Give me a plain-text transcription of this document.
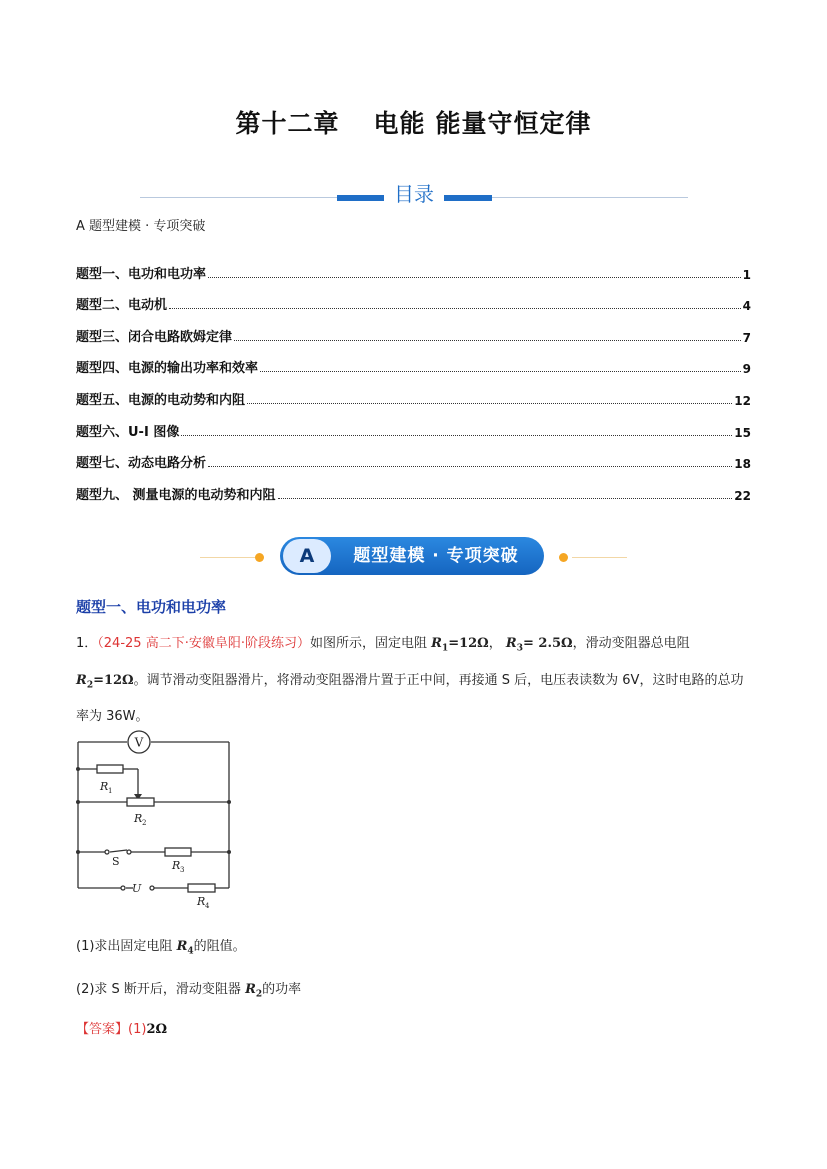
第十二章 电能 能量守恒定律
目录
A 题型建模 · 专项突破
题型一、电功和电功率	1
题型二、电动机	4
题型三、闭合电路欧姆定律	7
题型四、电源的输出功率和效率	9
题型五、电源的电动势和内阻	12
题型六、U-I 图像	15
题型七、动态电路分析	18
题型九、 测量电源的电动势和内阻	22
A	题型建模 · 专项突破
题型一、电功和电功率
1．（24-25 高二下·安徽阜阳·阶段练习）如图所示，固定电阻 $R_1=12\Omega$， $R_3= 2.5\Omega$，滑动变阻器总电阻
$R_2=12\Omega$。调节滑动变阻器滑片，将滑动变阻器滑片置于正中间，再接通 S 后，电压表读数为 6V，这时电路的总功率为 36W。
V
R 1
R 2
S	R 3
U
R 4
(1)求出固定电阻 $R_4$的阻值。
(2)求 S 断开后，滑动变阻器 $R_2$的功率
【答案】(1)2Ω
